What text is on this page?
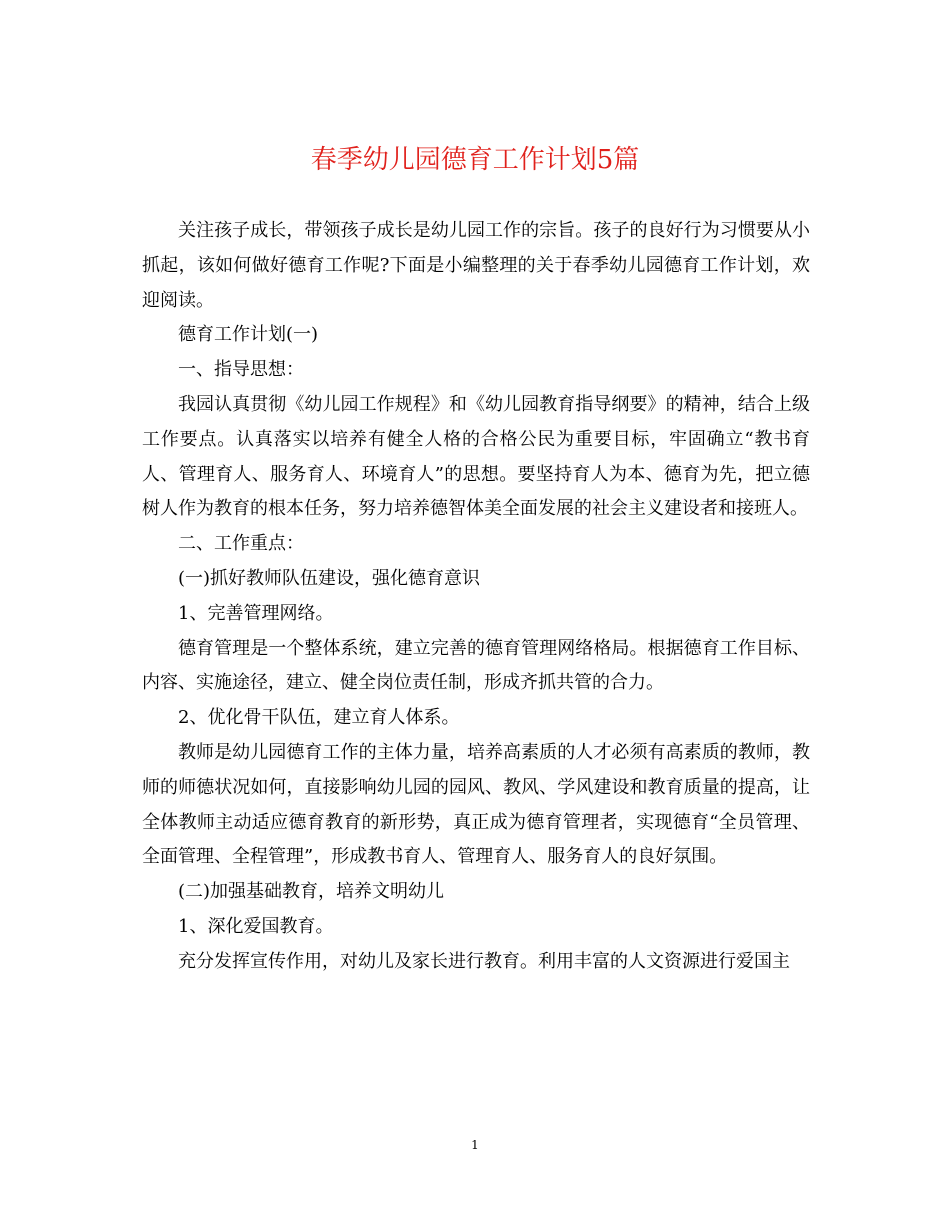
春季幼儿园德育工作计划5篇

关注孩子成长，带领孩子成长是幼儿园工作的宗旨。孩子的良好行为习惯要从小抓起，该如何做好德育工作呢?下面是小编整理的关于春季幼儿园德育工作计划，欢迎阅读。

德育工作计划(一)

一、指导思想：

我园认真贯彻《幼儿园工作规程》和《幼儿园教育指导纲要》的精神，结合上级工作要点。认真落实以培养有健全人格的合格公民为重要目标，牢固确立“教书育人、管理育人、服务育人、环境育人”的思想。要坚持育人为本、德育为先，把立德树人作为教育的根本任务，努力培养德智体美全面发展的社会主义建设者和接班人。

二、工作重点：

(一)抓好教师队伍建设，强化德育意识

1、完善管理网络。

德育管理是一个整体系统，建立完善的德育管理网络格局。根据德育工作目标、内容、实施途径，建立、健全岗位责任制，形成齐抓共管的合力。

2、优化骨干队伍，建立育人体系。

教师是幼儿园德育工作的主体力量，培养高素质的人才必须有高素质的教师，教师的师德状况如何，直接影响幼儿园的园风、教风、学风建设和教育质量的提高，让全体教师主动适应德育教育的新形势，真正成为德育管理者，实现德育“全员管理、全面管理、全程管理”，形成教书育人、管理育人、服务育人的良好氛围。

(二)加强基础教育，培养文明幼儿

1、深化爱国教育。

充分发挥宣传作用，对幼儿及家长进行教育。利用丰富的人文资源进行爱国主

1
